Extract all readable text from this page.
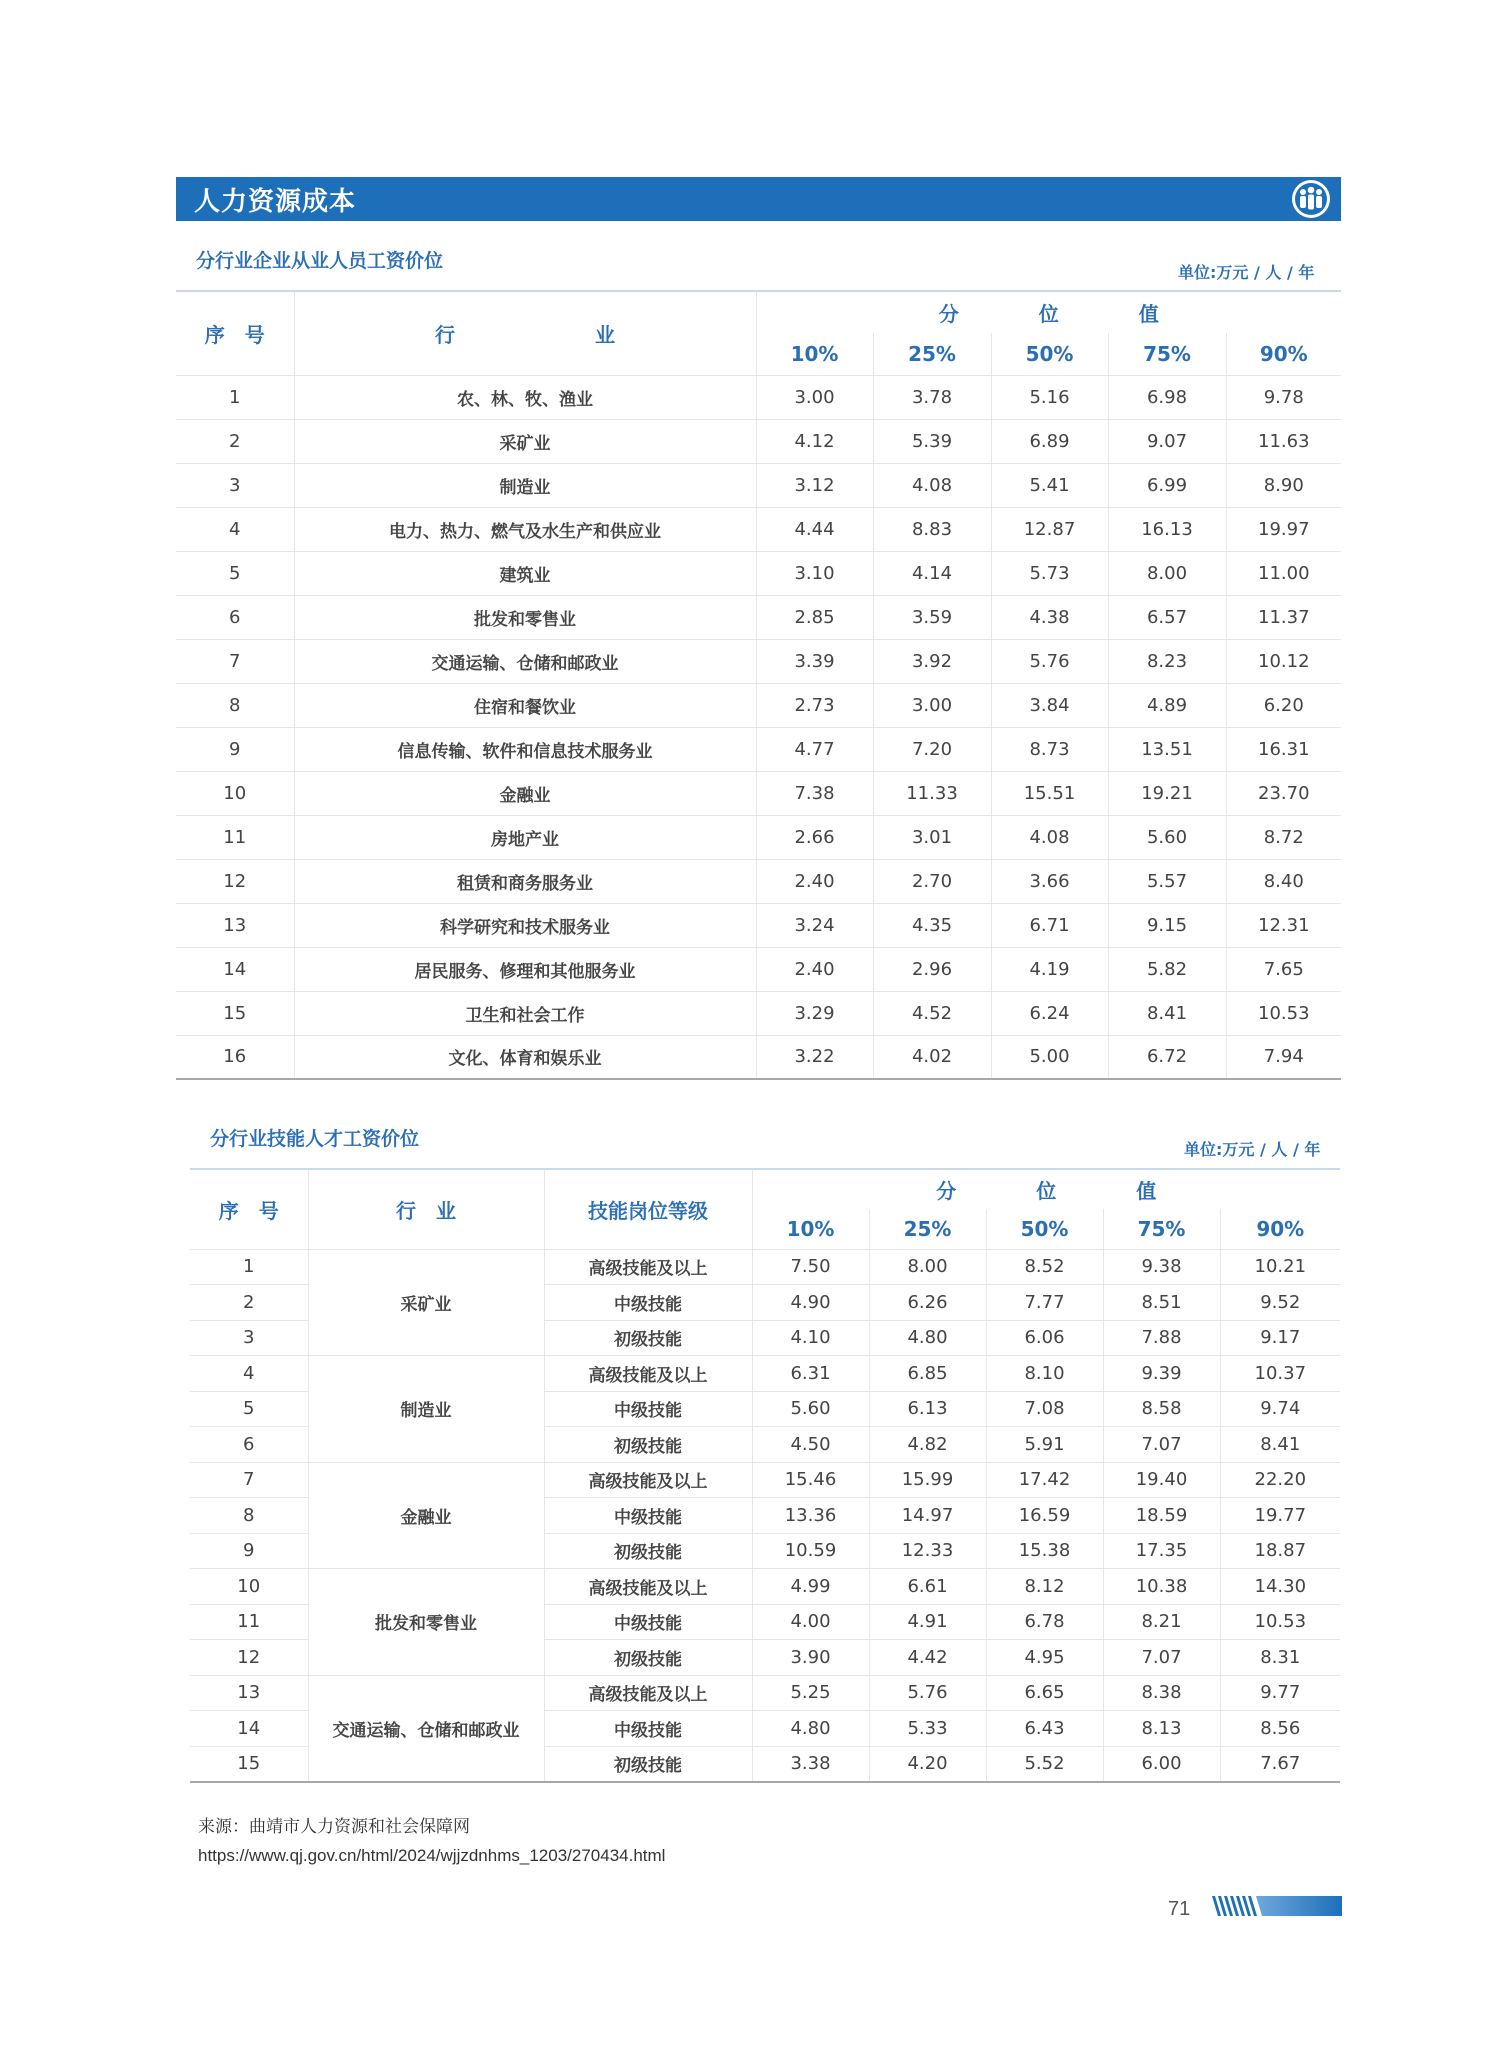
人力资源成本
分行业企业从业人员工资价位
单位:万元 / 人 / 年
序　号	行　　　　　　　业	分　　　　位　　　　值				
		10%	25%	50%	75%	90%
1	农、林、牧、渔业	3.00	3.78	5.16	6.98	9.78
2	采矿业	4.12	5.39	6.89	9.07	11.63
3	制造业	3.12	4.08	5.41	6.99	8.90
4	电力、热力、燃气及水生产和供应业	4.44	8.83	12.87	16.13	19.97
5	建筑业	3.10	4.14	5.73	8.00	11.00
6	批发和零售业	2.85	3.59	4.38	6.57	11.37
7	交通运输、仓储和邮政业	3.39	3.92	5.76	8.23	10.12
8	住宿和餐饮业	2.73	3.00	3.84	4.89	6.20
9	信息传输、软件和信息技术服务业	4.77	7.20	8.73	13.51	16.31
10	金融业	7.38	11.33	15.51	19.21	23.70
11	房地产业	2.66	3.01	4.08	5.60	8.72
12	租赁和商务服务业	2.40	2.70	3.66	5.57	8.40
13	科学研究和技术服务业	3.24	4.35	6.71	9.15	12.31
14	居民服务、修理和其他服务业	2.40	2.96	4.19	5.82	7.65
15	卫生和社会工作	3.29	4.52	6.24	8.41	10.53
16	文化、体育和娱乐业	3.22	4.02	5.00	6.72	7.94
分行业技能人才工资价位	单位:万元 / 人 / 年
序　号	行　业	技能岗位等级	分　　　　位　　　　值				
			10%	25%	50%	75%	90%
1	采矿业	高级技能及以上	7.50	8.00	8.52	9.38	10.21
2		中级技能	4.90	6.26	7.77	8.51	9.52
3		初级技能	4.10	4.80	6.06	7.88	9.17
4	制造业	高级技能及以上	6.31	6.85	8.10	9.39	10.37
5		中级技能	5.60	6.13	7.08	8.58	9.74
6		初级技能	4.50	4.82	5.91	7.07	8.41
7	金融业	高级技能及以上	15.46	15.99	17.42	19.40	22.20
8		中级技能	13.36	14.97	16.59	18.59	19.77
9		初级技能	10.59	12.33	15.38	17.35	18.87
10	批发和零售业	高级技能及以上	4.99	6.61	8.12	10.38	14.30
11		中级技能	4.00	4.91	6.78	8.21	10.53
12		初级技能	3.90	4.42	4.95	7.07	8.31
13	交通运输、仓储和邮政业	高级技能及以上	5.25	5.76	6.65	8.38	9.77
14		中级技能	4.80	5.33	6.43	8.13	8.56
15		初级技能	3.38	4.20	5.52	6.00	7.67
来源：曲靖市人力资源和社会保障网
https://www.qj.gov.cn/html/2024/wjjzdnhms_1203/270434.html
71
